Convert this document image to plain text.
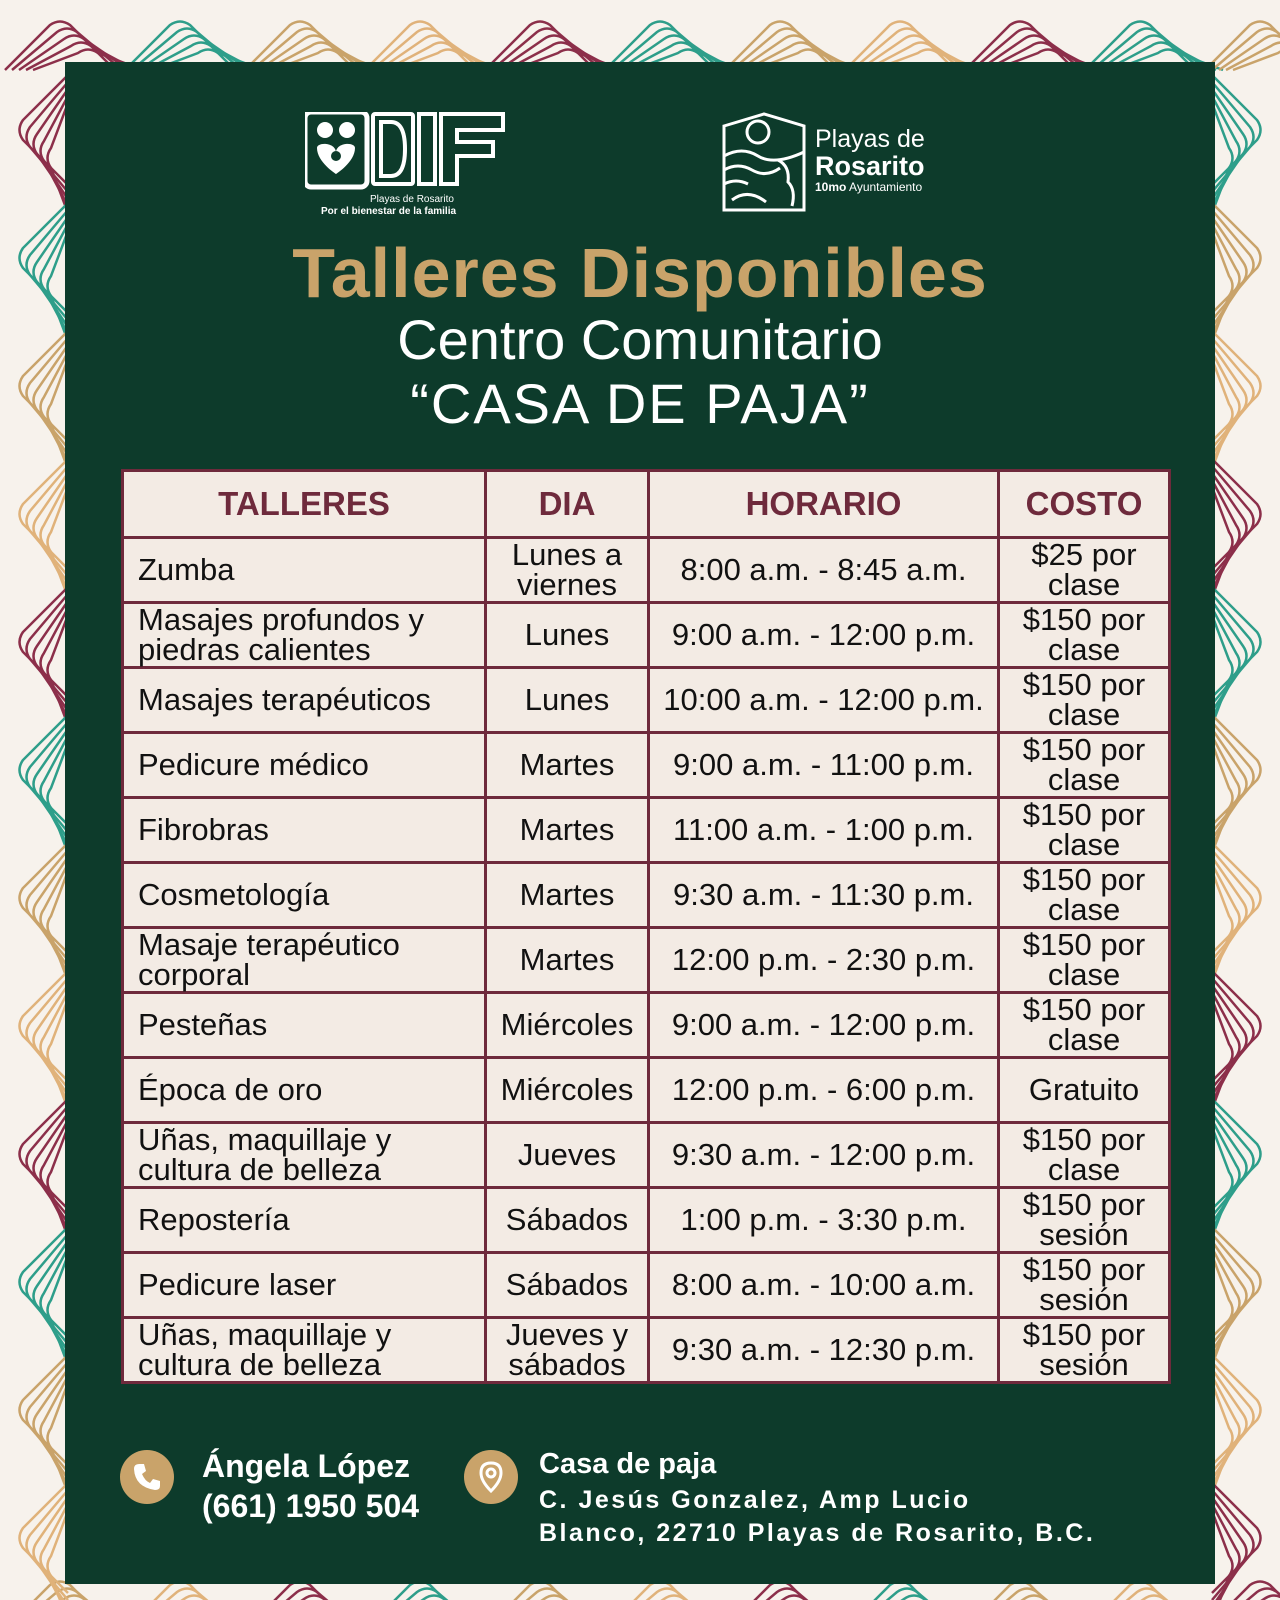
Playas de Rosarito
Por el bienestar de la familia
Playas de
Rosarito
10mo Ayuntamiento
Talleres Disponibles
Centro Comunitario
“CASA DE PAJA”
TALLERES	DIA	HORARIO	COSTO
Zumba	Lunes a viernes	8:00 a.m. - 8:45 a.m.	$25 por clase
Masajes profundos y piedras calientes	Lunes	9:00 a.m. - 12:00 p.m.	$150 por clase
Masajes terapéuticos	Lunes	10:00 a.m. - 12:00 p.m.	$150 por clase
Pedicure médico	Martes	9:00 a.m. - 11:00 p.m.	$150 por clase
Fibrobras	Martes	11:00 a.m. - 1:00 p.m.	$150 por clase
Cosmetología	Martes	9:30 a.m. - 11:30 p.m.	$150 por clase
Masaje terapéutico corporal	Martes	12:00 p.m. - 2:30 p.m.	$150 por clase
Pesteñas	Miércoles	9:00 a.m. - 12:00 p.m.	$150 por clase
Época de oro	Miércoles	12:00 p.m. - 6:00 p.m.	Gratuito
Uñas, maquillaje y cultura de belleza	Jueves	9:30 a.m. - 12:00 p.m.	$150 por clase
Repostería	Sábados	1:00 p.m. - 3:30 p.m.	$150 por sesión
Pedicure laser	Sábados	8:00 a.m. - 10:00 a.m.	$150 por sesión
Uñas, maquillaje y cultura de belleza	Jueves y sábados	9:30 a.m. - 12:30 p.m.	$150 por sesión
Ángela López
(661) 1950 504
Casa de paja
C. Jesús Gonzalez, Amp Lucio
Blanco, 22710 Playas de Rosarito, B.C.
